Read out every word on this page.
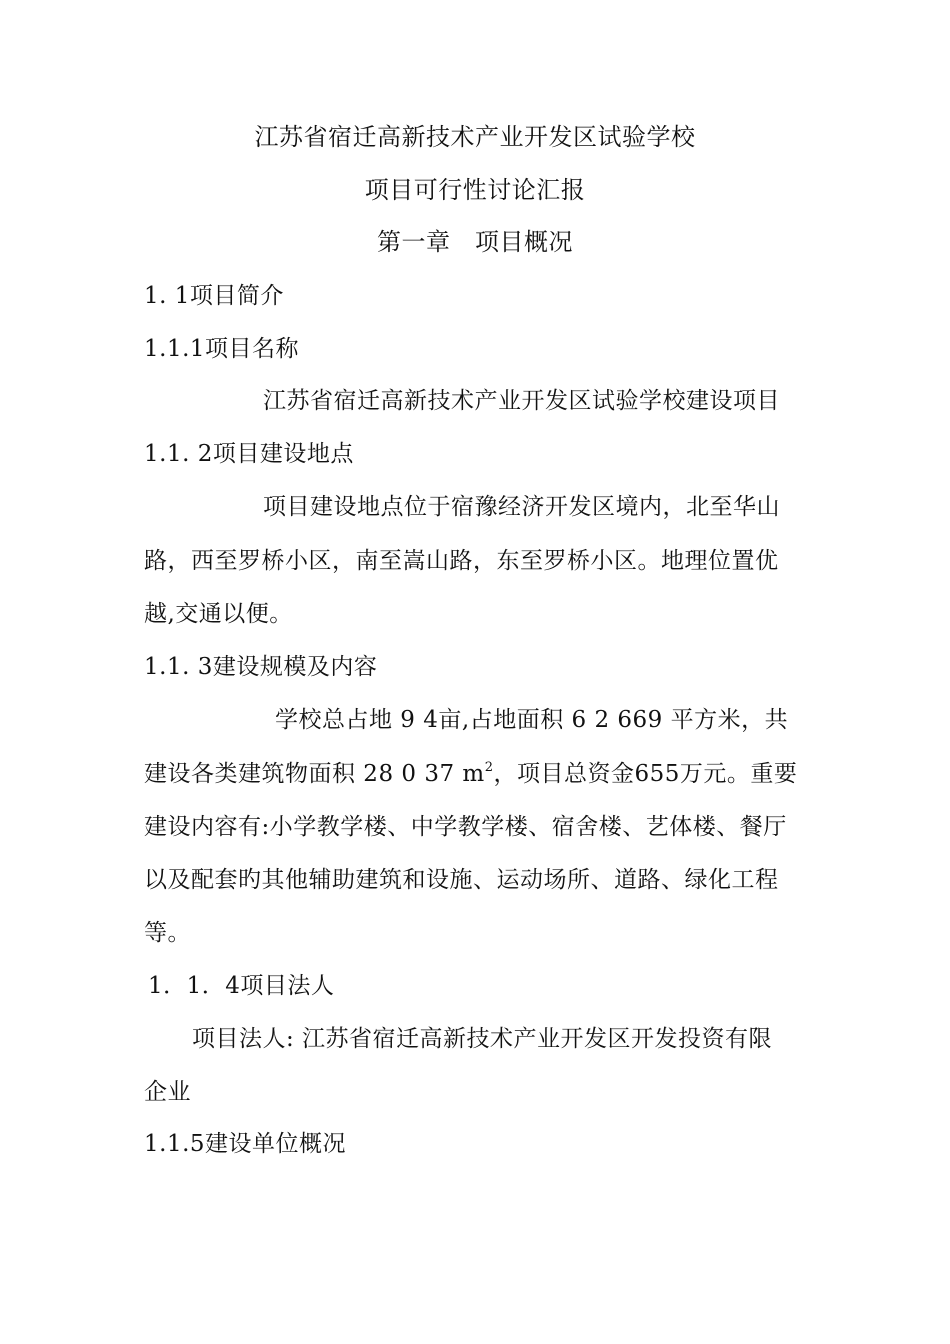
江苏省宿迁高新技术产业开发区试验学校
项目可行性讨论汇报
第一章　项目概况
1. 1项目简介
1.1.1项目名称
江苏省宿迁高新技术产业开发区试验学校建设项目
1.1. 2项目建设地点
项目建设地点位于宿豫经济开发区境内，北至华山
路，西至罗桥小区，南至嵩山路，东至罗桥小区。地理位置优
越,交通以便。
1.1. 3建设规模及内容
学校总占地 9 4亩,占地面积 6 2 669 平方米，共
建设各类建筑物面积 28 0 37 $m^2$，项目总资金655万元。重要
建设内容有:小学教学楼、中学教学楼、宿舍楼、艺体楼、餐厅
以及配套旳其他辅助建筑和设施、运动场所、道路、绿化工程
等。
1．1．4项目法人
项目法人: 江苏省宿迁高新技术产业开发区开发投资有限
企业
1.1.5建设单位概况
